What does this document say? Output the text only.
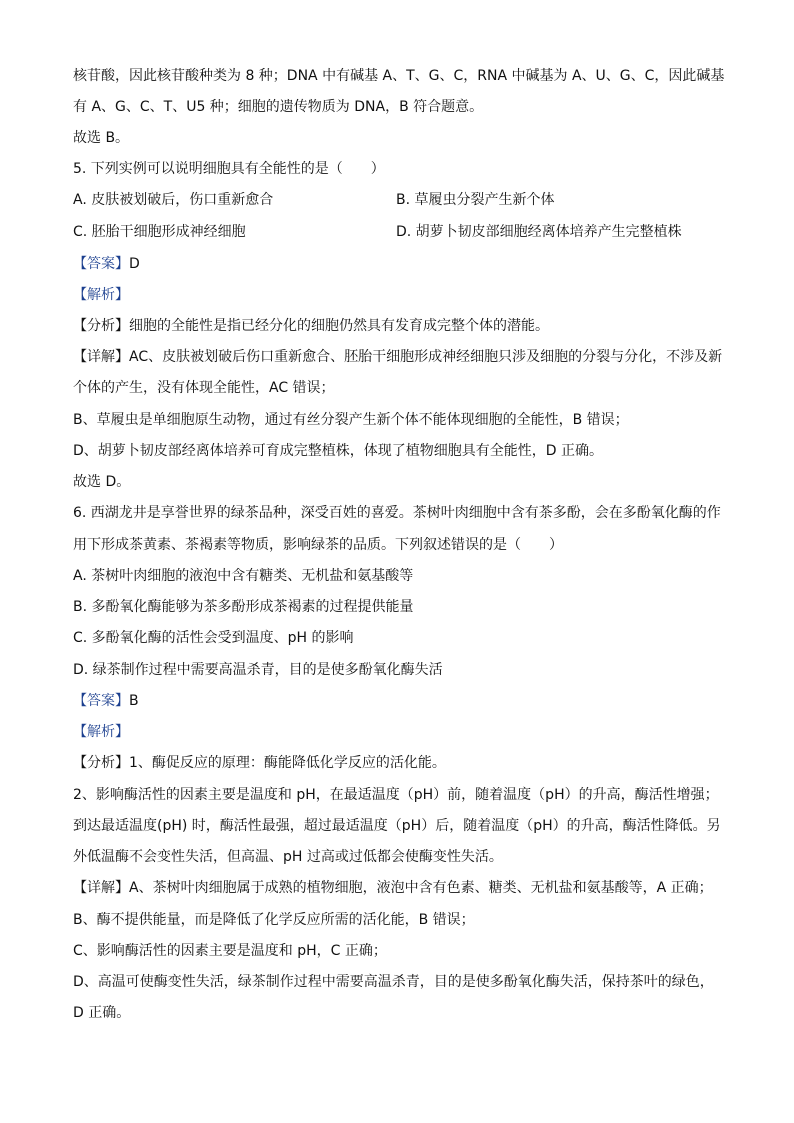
核苷酸，因此核苷酸种类为 8 种；DNA 中有碱基 A、T、G、C，RNA 中碱基为 A、U、G、C，因此碱基
有 A、G、C、T、U5 种；细胞的遗传物质为 DNA，B 符合题意。
故选 B。
5. 下列实例可以说明细胞具有全能性的是（　　）
A. 皮肤被划破后，伤口重新愈合	B. 草履虫分裂产生新个体
C. 胚胎干细胞形成神经细胞	D. 胡萝卜韧皮部细胞经离体培养产生完整植株
【答案】D
【解析】
【分析】细胞的全能性是指已经分化的细胞仍然具有发育成完整个体的潜能。
【详解】AC、皮肤被划破后伤口重新愈合、胚胎干细胞形成神经细胞只涉及细胞的分裂与分化，不涉及新
个体的产生，没有体现全能性，AC 错误；
B、草履虫是单细胞原生动物，通过有丝分裂产生新个体不能体现细胞的全能性，B 错误；
D、胡萝卜韧皮部经离体培养可育成完整植株，体现了植物细胞具有全能性，D 正确。
故选 D。
6. 西湖龙井是享誉世界的绿茶品种，深受百姓的喜爱。茶树叶肉细胞中含有茶多酚，会在多酚氧化酶的作
用下形成茶黄素、茶褐素等物质，影响绿茶的品质。下列叙述错误的是（　　）
A. 茶树叶肉细胞的液泡中含有糖类、无机盐和氨基酸等
B. 多酚氧化酶能够为茶多酚形成茶褐素的过程提供能量
C. 多酚氧化酶的活性会受到温度、pH 的影响
D. 绿茶制作过程中需要高温杀青，目的是使多酚氧化酶失活
【答案】B
【解析】
【分析】1、酶促反应的原理：酶能降低化学反应的活化能。
2、影响酶活性的因素主要是温度和 pH，在最适温度（pH）前，随着温度（pH）的升高，酶活性增强；
到达最适温度(pH) 时，酶活性最强，超过最适温度（pH）后，随着温度（pH）的升高，酶活性降低。另
外低温酶不会变性失活，但高温、pH 过高或过低都会使酶变性失活。
【详解】A、茶树叶肉细胞属于成熟的植物细胞，液泡中含有色素、糖类、无机盐和氨基酸等，A 正确；
B、酶不提供能量，而是降低了化学反应所需的活化能，B 错误；
C、影响酶活性的因素主要是温度和 pH，C 正确；
D、高温可使酶变性失活，绿茶制作过程中需要高温杀青，目的是使多酚氧化酶失活，保持茶叶的绿色，
D 正确。
